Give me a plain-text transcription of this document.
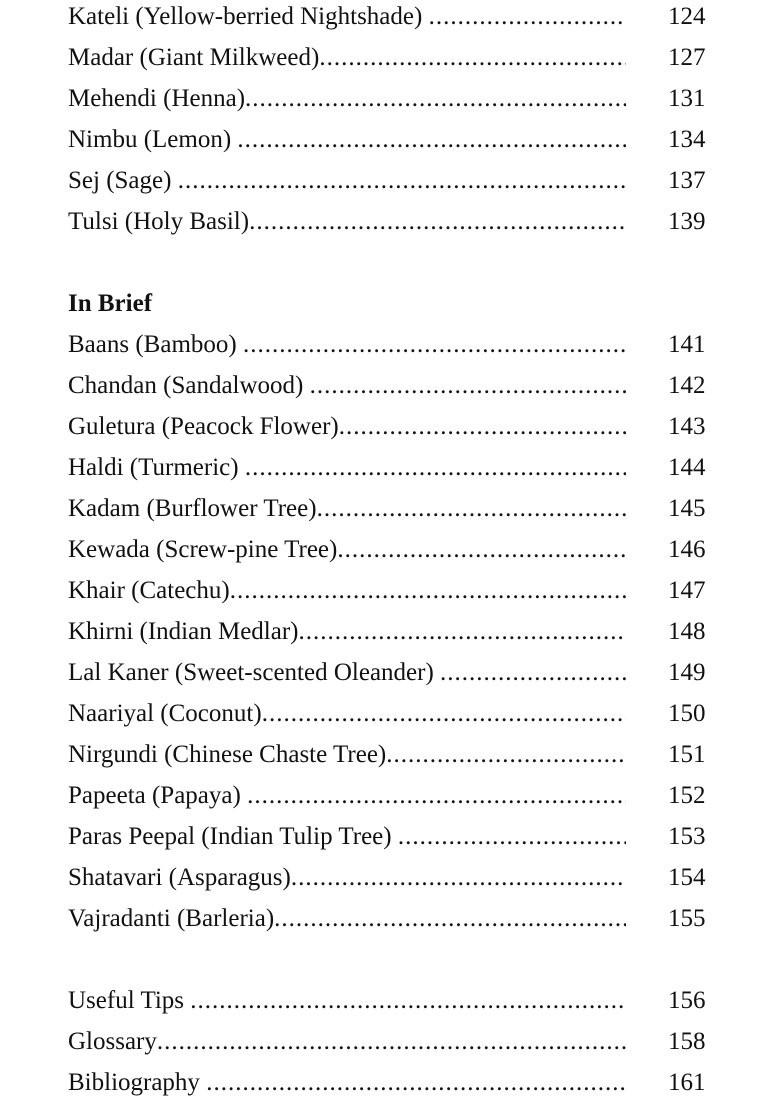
Kateli (Yellow-berried Nightshade) .....	124
Madar (Giant Milkweed) .....	127
Mehendi (Henna) .....	131
Nimbu (Lemon) .....	134
Sej (Sage) .....	137
Tulsi (Holy Basil) .....	139
In Brief
Baans (Bamboo) .....	141
Chandan (Sandalwood) .....	142
Guletura (Peacock Flower) .....	143
Haldi (Turmeric) .....	144
Kadam (Burflower Tree) .....	145
Kewada (Screw-pine Tree) .....	146
Khair (Catechu) .....	147
Khirni (Indian Medlar) .....	148
Lal Kaner (Sweet-scented Oleander) .....	149
Naariyal (Coconut) .....	150
Nirgundi (Chinese Chaste Tree) .....	151
Papeeta (Papaya) .....	152
Paras Peepal (Indian Tulip Tree) .....	153
Shatavari (Asparagus) .....	154
Vajradanti (Barleria) .....	155
Useful Tips .....	156
Glossary .....	158
Bibliography .....	161
